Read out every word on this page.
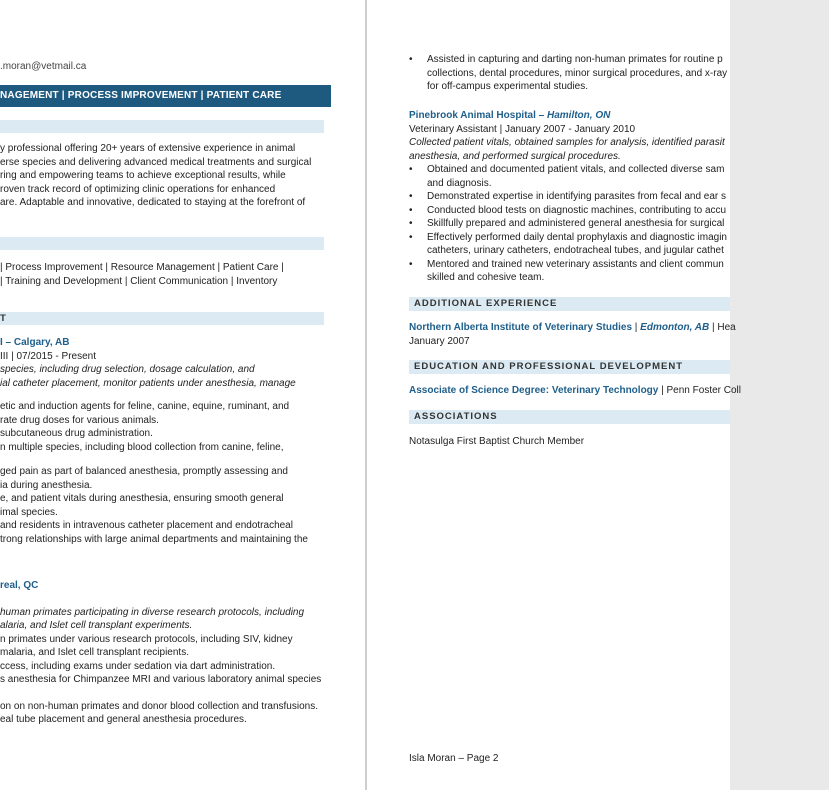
.moran@vetmail.ca
NAGEMENT | PROCESS IMPROVEMENT | PATIENT CARE
y professional offering 20+ years of extensive experience in animal
erse species and delivering advanced medical treatments and surgical
ring and empowering teams to achieve exceptional results, while
roven track record of optimizing clinic operations for enhanced
are. Adaptable and innovative, dedicated to staying at the forefront of
| Process Improvement | Resource Management | Patient Care |
| Training and Development | Client Communication | Inventory
T
I – Calgary, AB
III | 07/2015 - Present
species, including drug selection, dosage calculation, and
ial catheter placement, monitor patients under anesthesia, manage
etic and induction agents for feline, canine, equine, ruminant, and
rate drug doses for various animals.
subcutaneous drug administration.
n multiple species, including blood collection from canine, feline,
ged pain as part of balanced anesthesia, promptly assessing and
ia during anesthesia.
e, and patient vitals during anesthesia, ensuring smooth general
imal species.
and residents in intravenous catheter placement and endotracheal
trong relationships with large animal departments and maintaining the
real, QC
human primates participating in diverse research protocols, including
alaria, and Islet cell transplant experiments.
n primates under various research protocols, including SIV, kidney
malaria, and Islet cell transplant recipients.
ccess, including exams under sedation via dart administration.
s anesthesia for Chimpanzee MRI and various laboratory animal species
on on non-human primates and donor blood collection and transfusions.
eal tube placement and general anesthesia procedures.
• Assisted in capturing and darting non-human primates for routine p
collections, dental procedures, minor surgical procedures, and x-ray
for off-campus experimental studies.
Pinebrook Animal Hospital – Hamilton, ON
Veterinary Assistant | January 2007 - January 2010
Collected patient vitals, obtained samples for analysis, identified parasit
anesthesia, and performed surgical procedures.
• Obtained and documented patient vitals, and collected diverse sam
and diagnosis.
• Demonstrated expertise in identifying parasites from fecal and ear s
• Conducted blood tests on diagnostic machines, contributing to accu
• Skillfully prepared and administered general anesthesia for surgical
• Effectively performed daily dental prophylaxis and diagnostic imagin
catheters, urinary catheters, endotracheal tubes, and jugular cathet
• Mentored and trained new veterinary assistants and client commun
skilled and cohesive team.
ADDITIONAL EXPERIENCE
Northern Alberta Institute of Veterinary Studies | Edmonton, AB | Hea
January 2007
EDUCATION AND PROFESSIONAL DEVELOPMENT
Associate of Science Degree: Veterinary Technology | Penn Foster Coll
ASSOCIATIONS
Notasulga First Baptist Church Member
Isla Moran – Page 2
